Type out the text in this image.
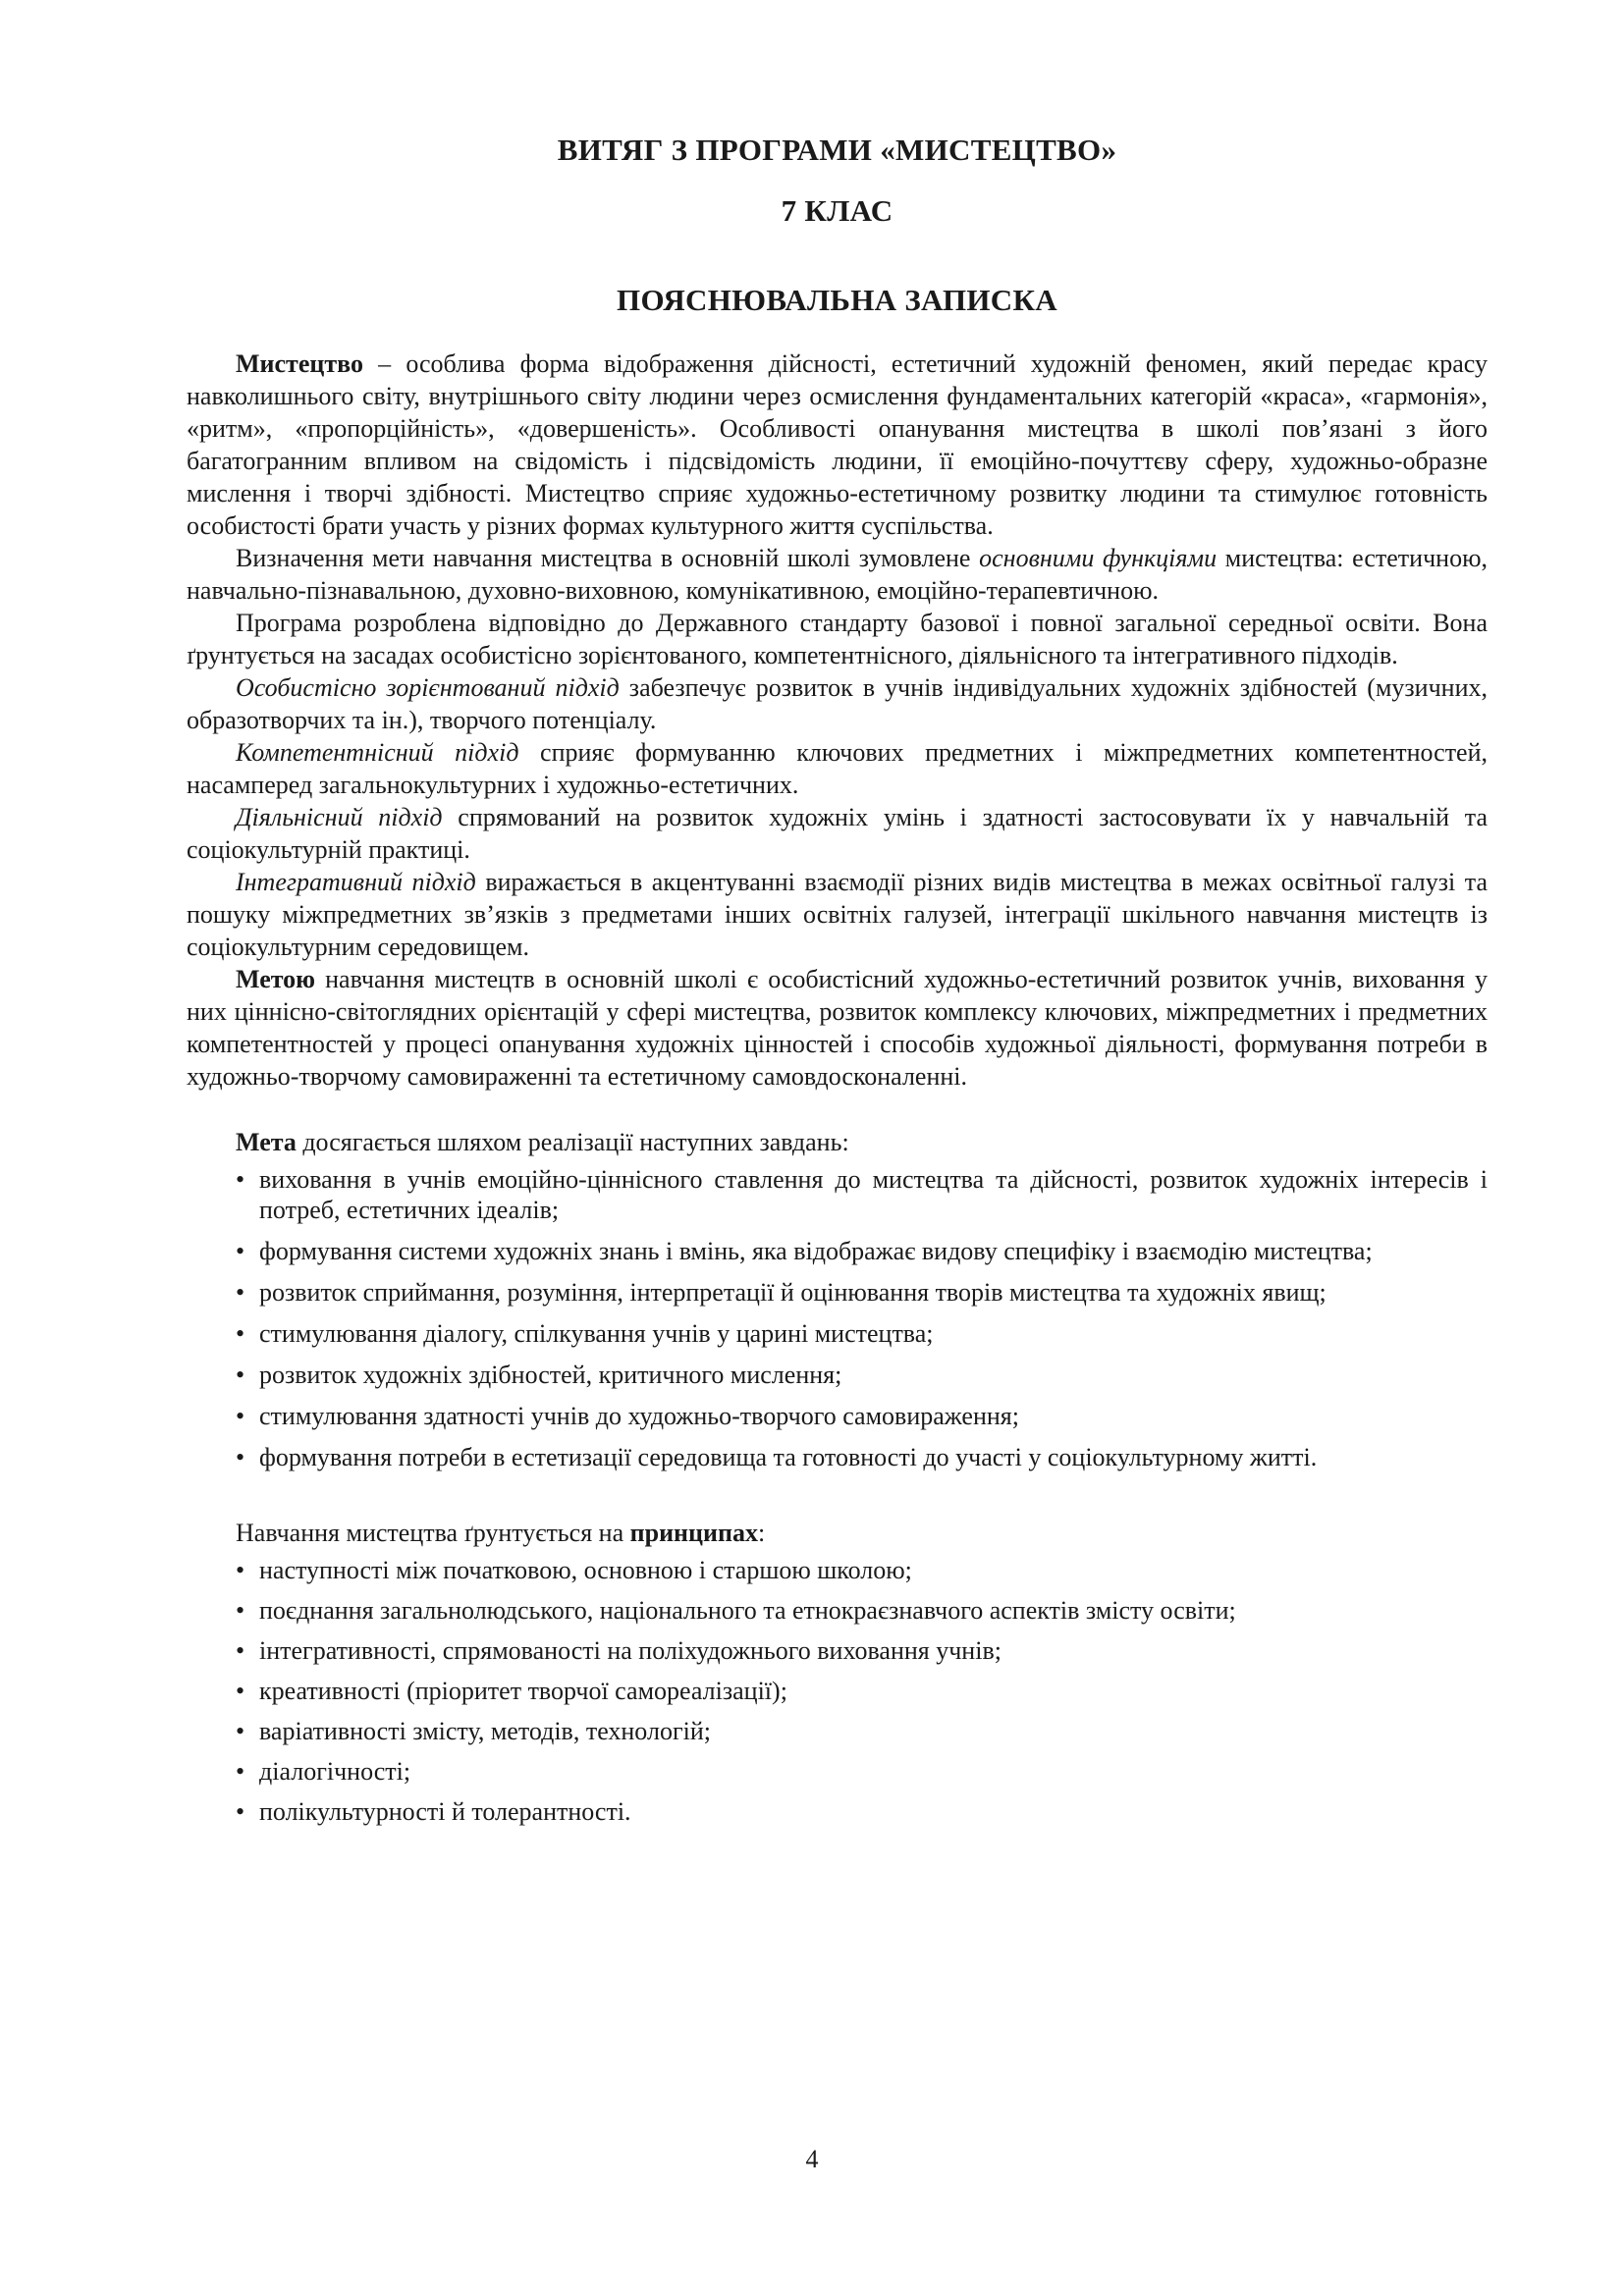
ВИТЯГ З ПРОГРАМИ «МИСТЕЦТВО»
7 КЛАС
ПОЯСНЮВАЛЬНА ЗАПИСКА

Мистецтво – особлива форма відображення дійсності, естетичний художній феномен, який передає красу навколишнього світу, внутрішнього світу людини через осмислення фундаментальних категорій «краса», «гармонія», «ритм», «пропорційність», «довершеність». Особливості опанування мистецтва в школі пов’язані з його багатогранним впливом на свідомість і підсвідомість людини, її емоційно-почуттєву сферу, художньо-образне мислення і творчі здібності. Мистецтво сприяє художньо-естетичному розвитку людини та стимулює готовність особистості брати участь у різних формах культурного життя суспільства.

Визначення мети навчання мистецтва в основній школі зумовлене основними функціями мистецтва: естетичною, навчально-пізнавальною, духовно-виховною, комунікативною, емоційно-терапевтичною.

Програма розроблена відповідно до Державного стандарту базової і повної загальної середньої освіти. Вона ґрунтується на засадах особистісно зорієнтованого, компетентнісного, діяльнісного та інтегративного підходів.

Особистісно зорієнтований підхід забезпечує розвиток в учнів індивідуальних художніх здібностей (музичних, образотворчих та ін.), творчого потенціалу.

Компетентнісний підхід сприяє формуванню ключових предметних і міжпредметних компетентностей, насамперед загальнокультурних і художньо-естетичних.

Діяльнісний підхід спрямований на розвиток художніх умінь і здатності застосовувати їх у навчальній та соціокультурній практиці.

Інтегративний підхід виражається в акцентуванні взаємодії різних видів мистецтва в межах освітньої галузі та пошуку міжпредметних зв’язків з предметами інших освітніх галузей, інтеграції шкільного навчання мистецтв із соціокультурним середовищем.

Метою навчання мистецтв в основній школі є особистісний художньо-естетичний розвиток учнів, виховання у них ціннісно-світоглядних орієнтацій у сфері мистецтва, розвиток комплексу ключових, міжпредметних і предметних компетентностей у процесі опанування художніх цінностей і способів художньої діяльності, формування потреби в художньо-творчому самовираженні та естетичному самовдосконаленні.

Мета досягається шляхом реалізації наступних завдань:

• виховання в учнів емоційно-ціннісного ставлення до мистецтва та дійсності, розвиток художніх інтересів і потреб, естетичних ідеалів;
• формування системи художніх знань і вмінь, яка відображає видову специфіку і взаємодію мистецтва;
• розвиток сприймання, розуміння, інтерпретації й оцінювання творів мистецтва та художніх явищ;
• стимулювання діалогу, спілкування учнів у царині мистецтва;
• розвиток художніх здібностей, критичного мислення;
• стимулювання здатності учнів до художньо-творчого самовираження;
• формування потреби в естетизації середовища та готовності до участі у соціокультурному житті.

Навчання мистецтва ґрунтується на принципах:

• наступності між початковою, основною і старшою школою;
• поєднання загальнолюдського, національного та етнокраєзнавчого аспектів змісту освіти;
• інтегративності, спрямованості на поліхудожнього виховання учнів;
• креативності (пріоритет творчої самореалізації);
• варіативності змісту, методів, технологій;
• діалогічності;
• полікультурності й толерантності.
4
